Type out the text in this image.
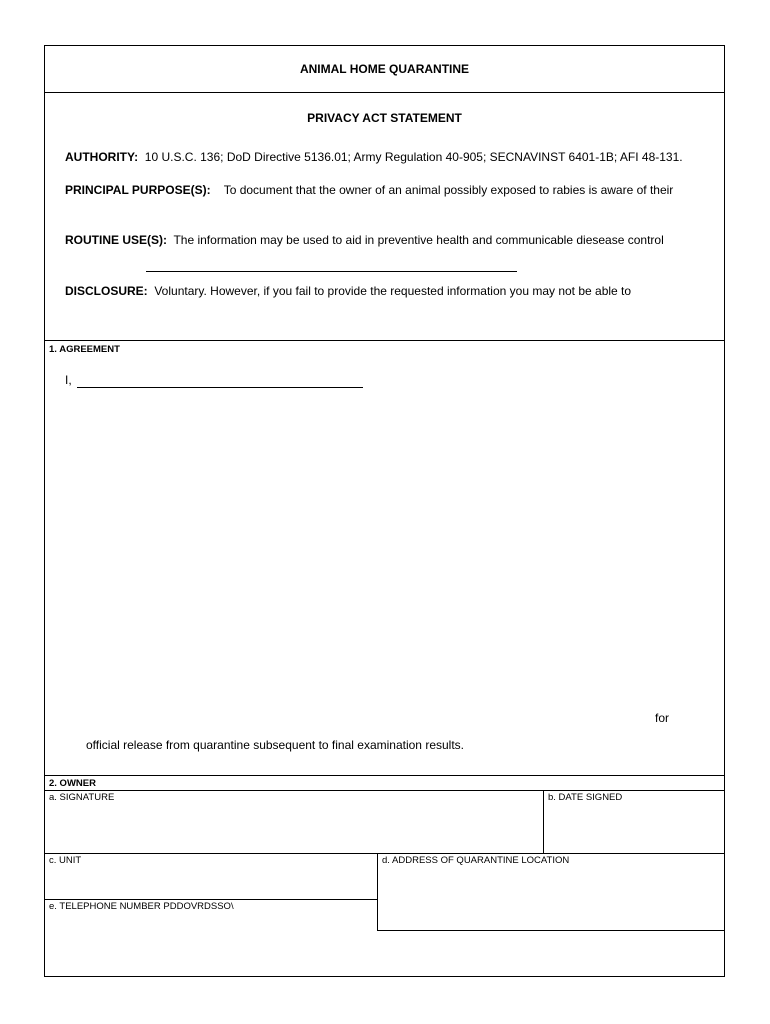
ANIMAL HOME QUARANTINE
PRIVACY ACT STATEMENT
AUTHORITY: 10 U.S.C. 136; DoD Directive 5136.01; Army Regulation 40-905; SECNAVINST 6401-1B; AFI 48-131.
PRINCIPAL PURPOSE(S): To document that the owner of an animal possibly exposed to rabies is aware of their
ROUTINE USE(S): The information may be used to aid in preventive health and communicable diesease control
DISCLOSURE: Voluntary. However, if you fail to provide the requested information you may not be able to
1. AGREEMENT
I,
for
official release from quarantine subsequent to final examination results.
2. OWNER
a. SIGNATURE	b. DATE SIGNED
c. UNIT	d. ADDRESS OF QUARANTINE LOCATION
e. TELEPHONE NUMBER PDDOVRDSSO\
